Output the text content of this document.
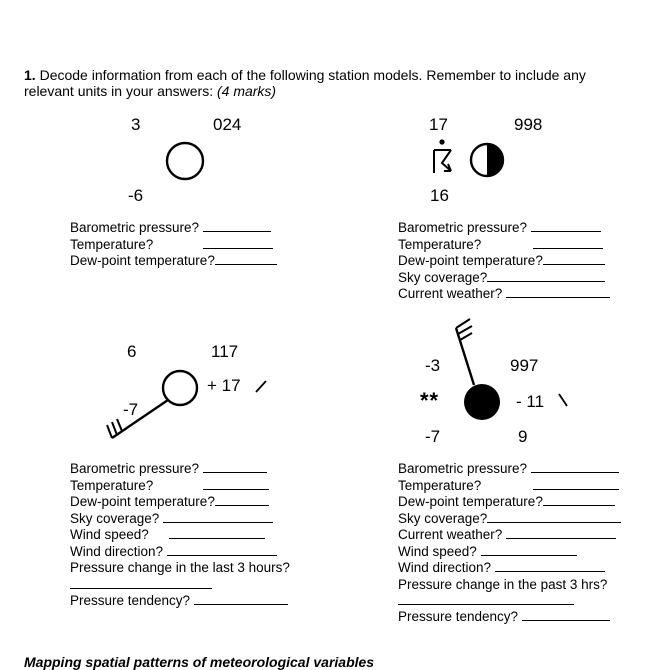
1. Decode information from each of the following station models. Remember to include any
relevant units in your answers: (4 marks)
3	024
-6
17	998
16
Barometric pressure?
Temperature?
Dew-point temperature?
Barometric pressure?
Temperature?
Dew-point temperature?
Sky coverage?
Current weather?
6	117
+ 17
-7
-3	997
**	- 11
-7	9
Barometric pressure?
Temperature?
Dew-point temperature?
Sky coverage?
Wind speed?
Wind direction?
Pressure change in the last 3 hours?
Pressure tendency?
Barometric pressure?
Temperature?
Dew-point temperature?
Sky coverage?
Current weather?
Wind speed?
Wind direction?
Pressure change in the past 3 hrs?
Pressure tendency?
Mapping spatial patterns of meteorological variables
